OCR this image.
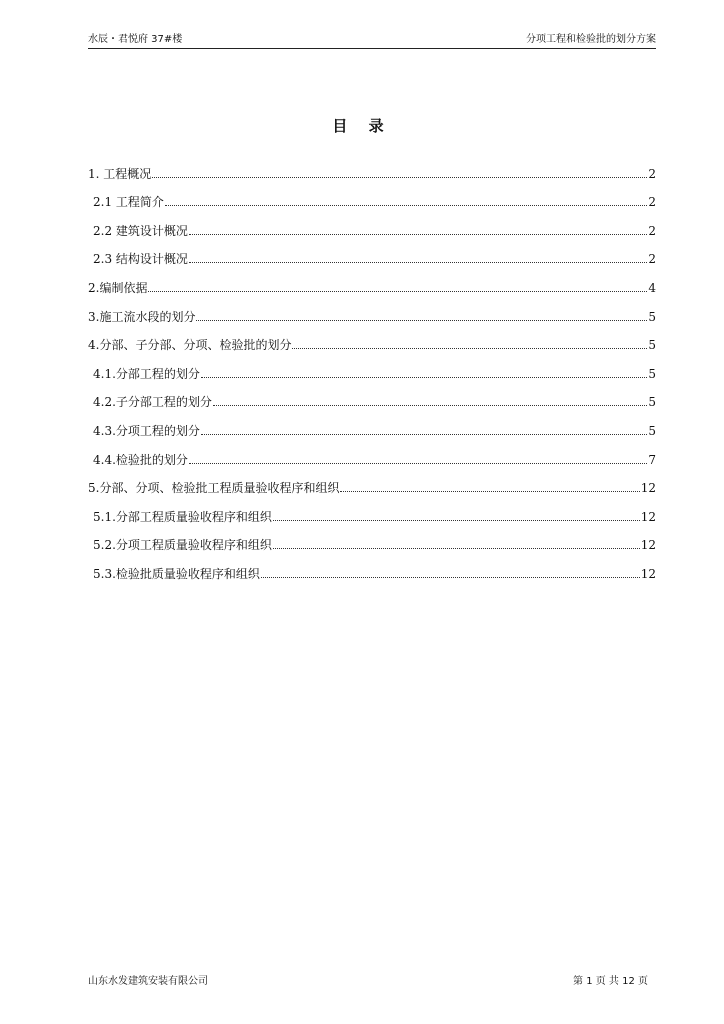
水辰・君悦府 37#楼	分项工程和检验批的划分方案
目 录
1. 工程概况	2
2.1 工程简介	2
2.2 建筑设计概况	2
2.3 结构设计概况	2
2.编制依据	4
3.施工流水段的划分	5
4.分部、子分部、分项、检验批的划分	5
4.1.分部工程的划分	5
4.2.子分部工程的划分	5
4.3.分项工程的划分	5
4.4.检验批的划分	7
5.分部、分项、检验批工程质量验收程序和组织	12
5.1.分部工程质量验收程序和组织	12
5.2.分项工程质量验收程序和组织	12
5.3.检验批质量验收程序和组织	12
山东水发建筑安装有限公司	第 1 页 共 12 页
